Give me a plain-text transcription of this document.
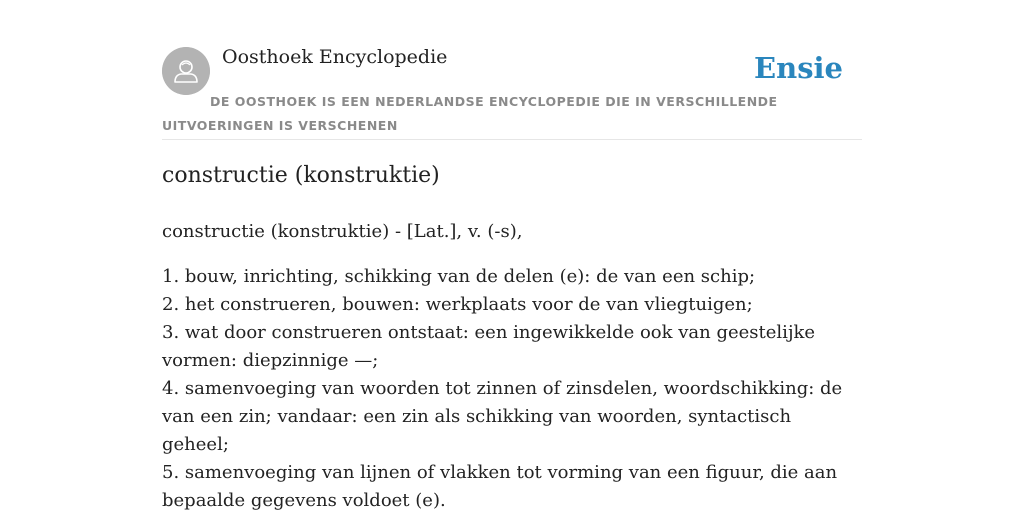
Oosthoek Encyclopedie	Ensie
DE OOSTHOEK IS EEN NEDERLANDSE ENCYCLOPEDIE DIE IN VERSCHILLENDE UITVOERINGEN IS VERSCHENEN
constructie (konstruktie)
constructie (konstruktie) - [Lat.], v. (-s),
1. bouw, inrichting, schikking van de delen (e): de van een schip;
2. het construeren, bouwen: werkplaats voor de van vliegtuigen;
3. wat door construeren ontstaat: een ingewikkelde ook van geestelijke vormen: diepzinnige —;
4. samenvoeging van woorden tot zinnen of zinsdelen, woordschikking: de van een zin; vandaar: een zin als schikking van woorden, syntactisch geheel;
5. samenvoeging van lijnen of vlakken tot vorming van een figuur, die aan bepaalde gegevens voldoet (e).
